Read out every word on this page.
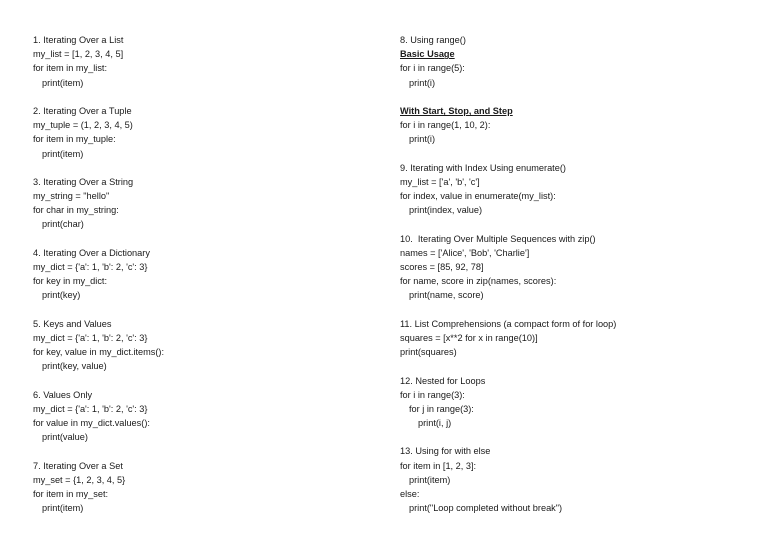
1. Iterating Over a List
my_list = [1, 2, 3, 4, 5]
for item in my_list:
print(item)
2. Iterating Over a Tuple
my_tuple = (1, 2, 3, 4, 5)
for item in my_tuple:
print(item)
3. Iterating Over a String
my_string = "hello"
for char in my_string:
print(char)
4. Iterating Over a Dictionary
my_dict = {'a': 1, 'b': 2, 'c': 3}
for key in my_dict:
print(key)
5. Keys and Values
my_dict = {'a': 1, 'b': 2, 'c': 3}
for key, value in my_dict.items():
print(key, value)
6. Values Only
my_dict = {'a': 1, 'b': 2, 'c': 3}
for value in my_dict.values():
print(value)
7. Iterating Over a Set
my_set = {1, 2, 3, 4, 5}
for item in my_set:
print(item)
8. Using range()
Basic Usage
for i in range(5):
print(i)
With Start, Stop, and Step
for i in range(1, 10, 2):
print(i)
9. Iterating with Index Using enumerate()
my_list = ['a', 'b', 'c']
for index, value in enumerate(my_list):
print(index, value)
10.  Iterating Over Multiple Sequences with zip()
names = ['Alice', 'Bob', 'Charlie']
scores = [85, 92, 78]
for name, score in zip(names, scores):
print(name, score)
11. List Comprehensions (a compact form of for loop)
squares = [x**2 for x in range(10)]
print(squares)
12. Nested for Loops
for i in range(3):
for j in range(3):
print(i, j)
13. Using for with else
for item in [1, 2, 3]:
print(item)
else:
print("Loop completed without break")
